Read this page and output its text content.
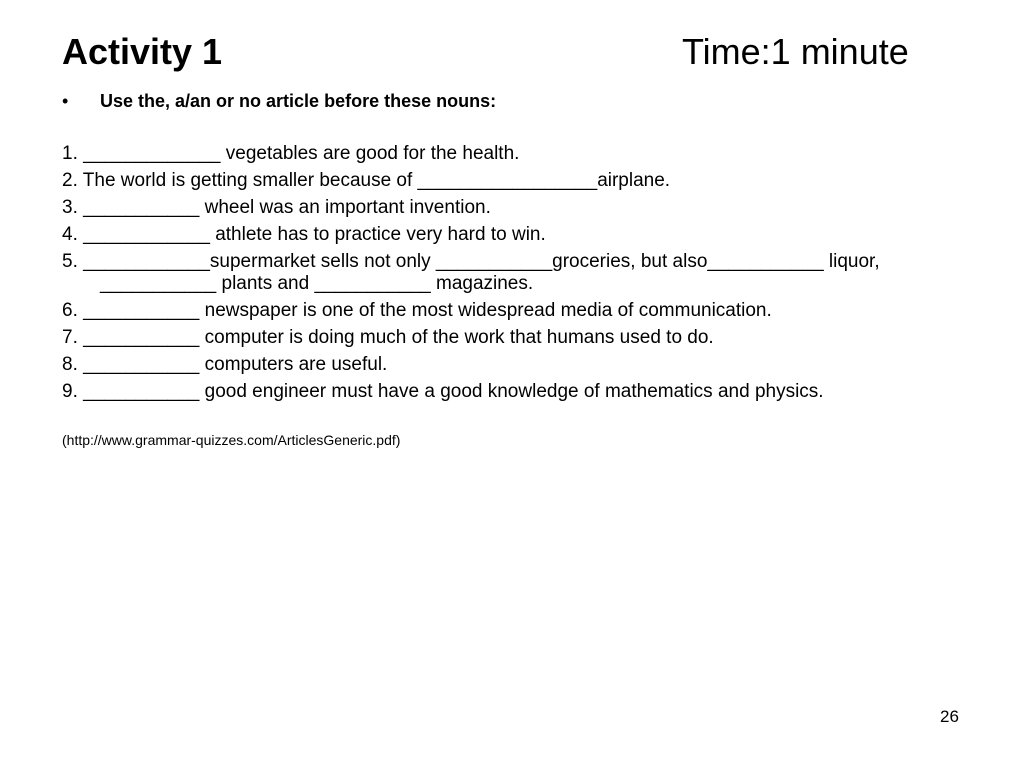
Activity 1	Time:1 minute
• Use the, a/an or no article before these nouns:
1. _____________ vegetables are good for the health.
2. The world is getting smaller because of _________________airplane.
3. ___________ wheel was an important invention.
4. ____________ athlete has to practice very hard to win.
5. ____________supermarket sells not only ___________groceries, but also___________ liquor, ___________ plants and ___________ magazines.
6. ___________ newspaper is one of the most widespread media of communication.
7. ___________ computer is doing much of the work that humans used to do.
8. ___________ computers are useful.
9. ___________ good engineer must have a good knowledge of mathematics and physics.
(http://www.grammar-quizzes.com/ArticlesGeneric.pdf)
26
